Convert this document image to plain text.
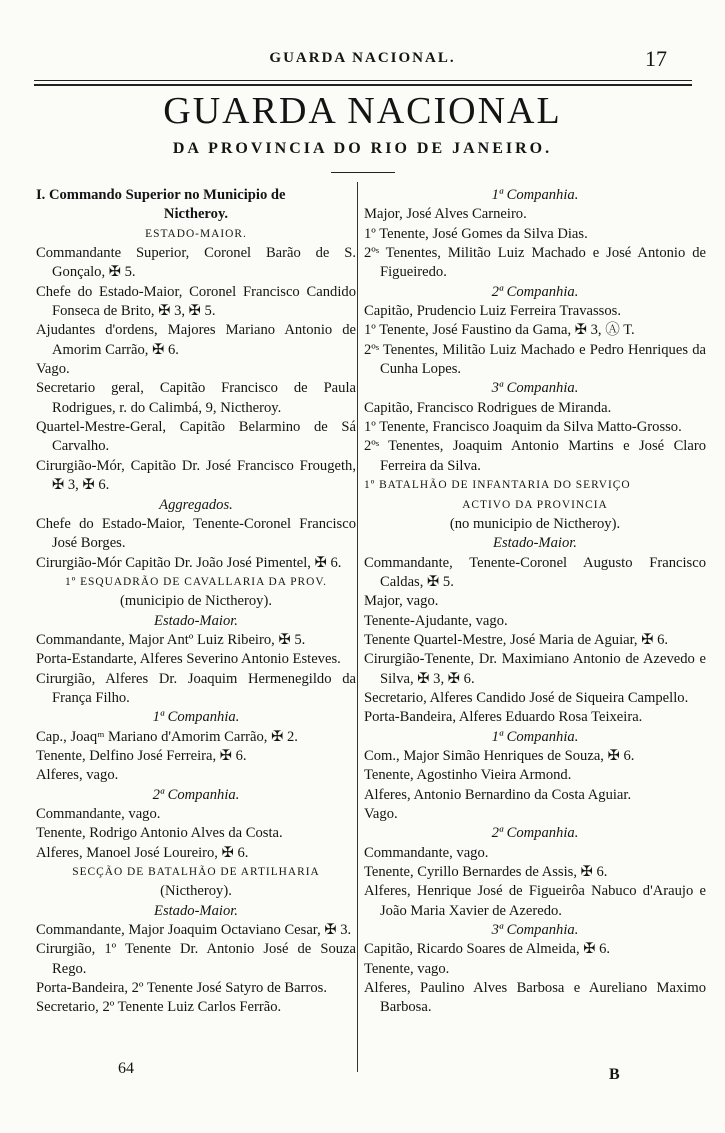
GUARDA NACIONAL.	17
GUARDA NACIONAL
DA PROVINCIA DO RIO DE JANEIRO.

I. Commando Superior no Municipio de

Nictheroy.

ESTADO-MAIOR.

Commandante Superior, Coronel Barão de S. Gonçalo, ✠ 5.

Chefe do Estado-Maior, Coronel Francisco Candido Fonseca de Brito, ✠ 3, ✠ 5.

Ajudantes d'ordens, Majores Mariano Antonio de Amorim Carrão, ✠ 6.

Vago.

Secretario geral, Capitão Francisco de Paula Rodrigues, r. do Calimbá, 9, Nictheroy.

Quartel-Mestre-Geral, Capitão Belarmino de Sá Carvalho.

Cirurgião-Mór, Capitão Dr. José Francisco Frougeth, ✠ 3, ✠ 6.

Aggregados.

Chefe do Estado-Maior, Tenente-Coronel Francisco José Borges.

Cirurgião-Mór Capitão Dr. João José Pimentel, ✠ 6.

1º ESQUADRÃO DE CAVALLARIA DA PROV.

(municipio de Nictheroy).

Estado-Maior.

Commandante, Major Antº Luiz Ribeiro, ✠ 5.

Porta-Estandarte, Alferes Severino Antonio Esteves.

Cirurgião, Alferes Dr. Joaquim Hermenegildo da França Filho.

1ª Companhia.

Cap., Joaqᵐ Mariano d'Amorim Carrão, ✠ 2.

Tenente, Delfino José Ferreira, ✠ 6.

Alferes, vago.

2ª Companhia.

Commandante, vago.

Tenente, Rodrigo Antonio Alves da Costa.

Alferes, Manoel José Loureiro, ✠ 6.

SECÇÃO DE BATALHÃO DE ARTILHARIA

(Nictheroy).

Estado-Maior.

Commandante, Major Joaquim Octaviano Cesar, ✠ 3.

Cirurgião, 1º Tenente Dr. Antonio José de Souza Rego.

Porta-Bandeira, 2º Tenente José Satyro de Barros.

Secretario, 2º Tenente Luiz Carlos Ferrão.

1ª Companhia.

Major, José Alves Carneiro.

1º Tenente, José Gomes da Silva Dias.

2ºˢ Tenentes, Militão Luiz Machado e José Antonio de Figueiredo.

2ª Companhia.

Capitão, Prudencio Luiz Ferreira Travassos.

1º Tenente, José Faustino da Gama, ✠ 3, Ⓐ T.

2ºˢ Tenentes, Militão Luiz Machado e Pedro Henriques da Cunha Lopes.

3ª Companhia.

Capitão, Francisco Rodrigues de Miranda.

1º Tenente, Francisco Joaquim da Silva Matto-Grosso.

2ºˢ Tenentes, Joaquim Antonio Martins e José Claro Ferreira da Silva.

1º BATALHÃO DE INFANTARIA DO SERVIÇO

ACTIVO DA PROVINCIA

(no municipio de Nictheroy).

Estado-Maior.

Commandante, Tenente-Coronel Augusto Francisco Caldas, ✠ 5.

Major, vago.

Tenente-Ajudante, vago.

Tenente Quartel-Mestre, José Maria de Aguiar, ✠ 6.

Cirurgião-Tenente, Dr. Maximiano Antonio de Azevedo e Silva, ✠ 3, ✠ 6.

Secretario, Alferes Candido José de Siqueira Campello.

Porta-Bandeira, Alferes Eduardo Rosa Teixeira.

1ª Companhia.

Com., Major Simão Henriques de Souza, ✠ 6.

Tenente, Agostinho Vieira Armond.

Alferes, Antonio Bernardino da Costa Aguiar.

Vago.

2ª Companhia.

Commandante, vago.

Tenente, Cyrillo Bernardes de Assis, ✠ 6.

Alferes, Henrique José de Figueirôa Nabuco d'Araujo e João Maria Xavier de Azeredo.

3ª Companhia.

Capitão, Ricardo Soares de Almeida, ✠ 6.

Tenente, vago.

Alferes, Paulino Alves Barbosa e Aureliano Maximo Barbosa.

64	B
